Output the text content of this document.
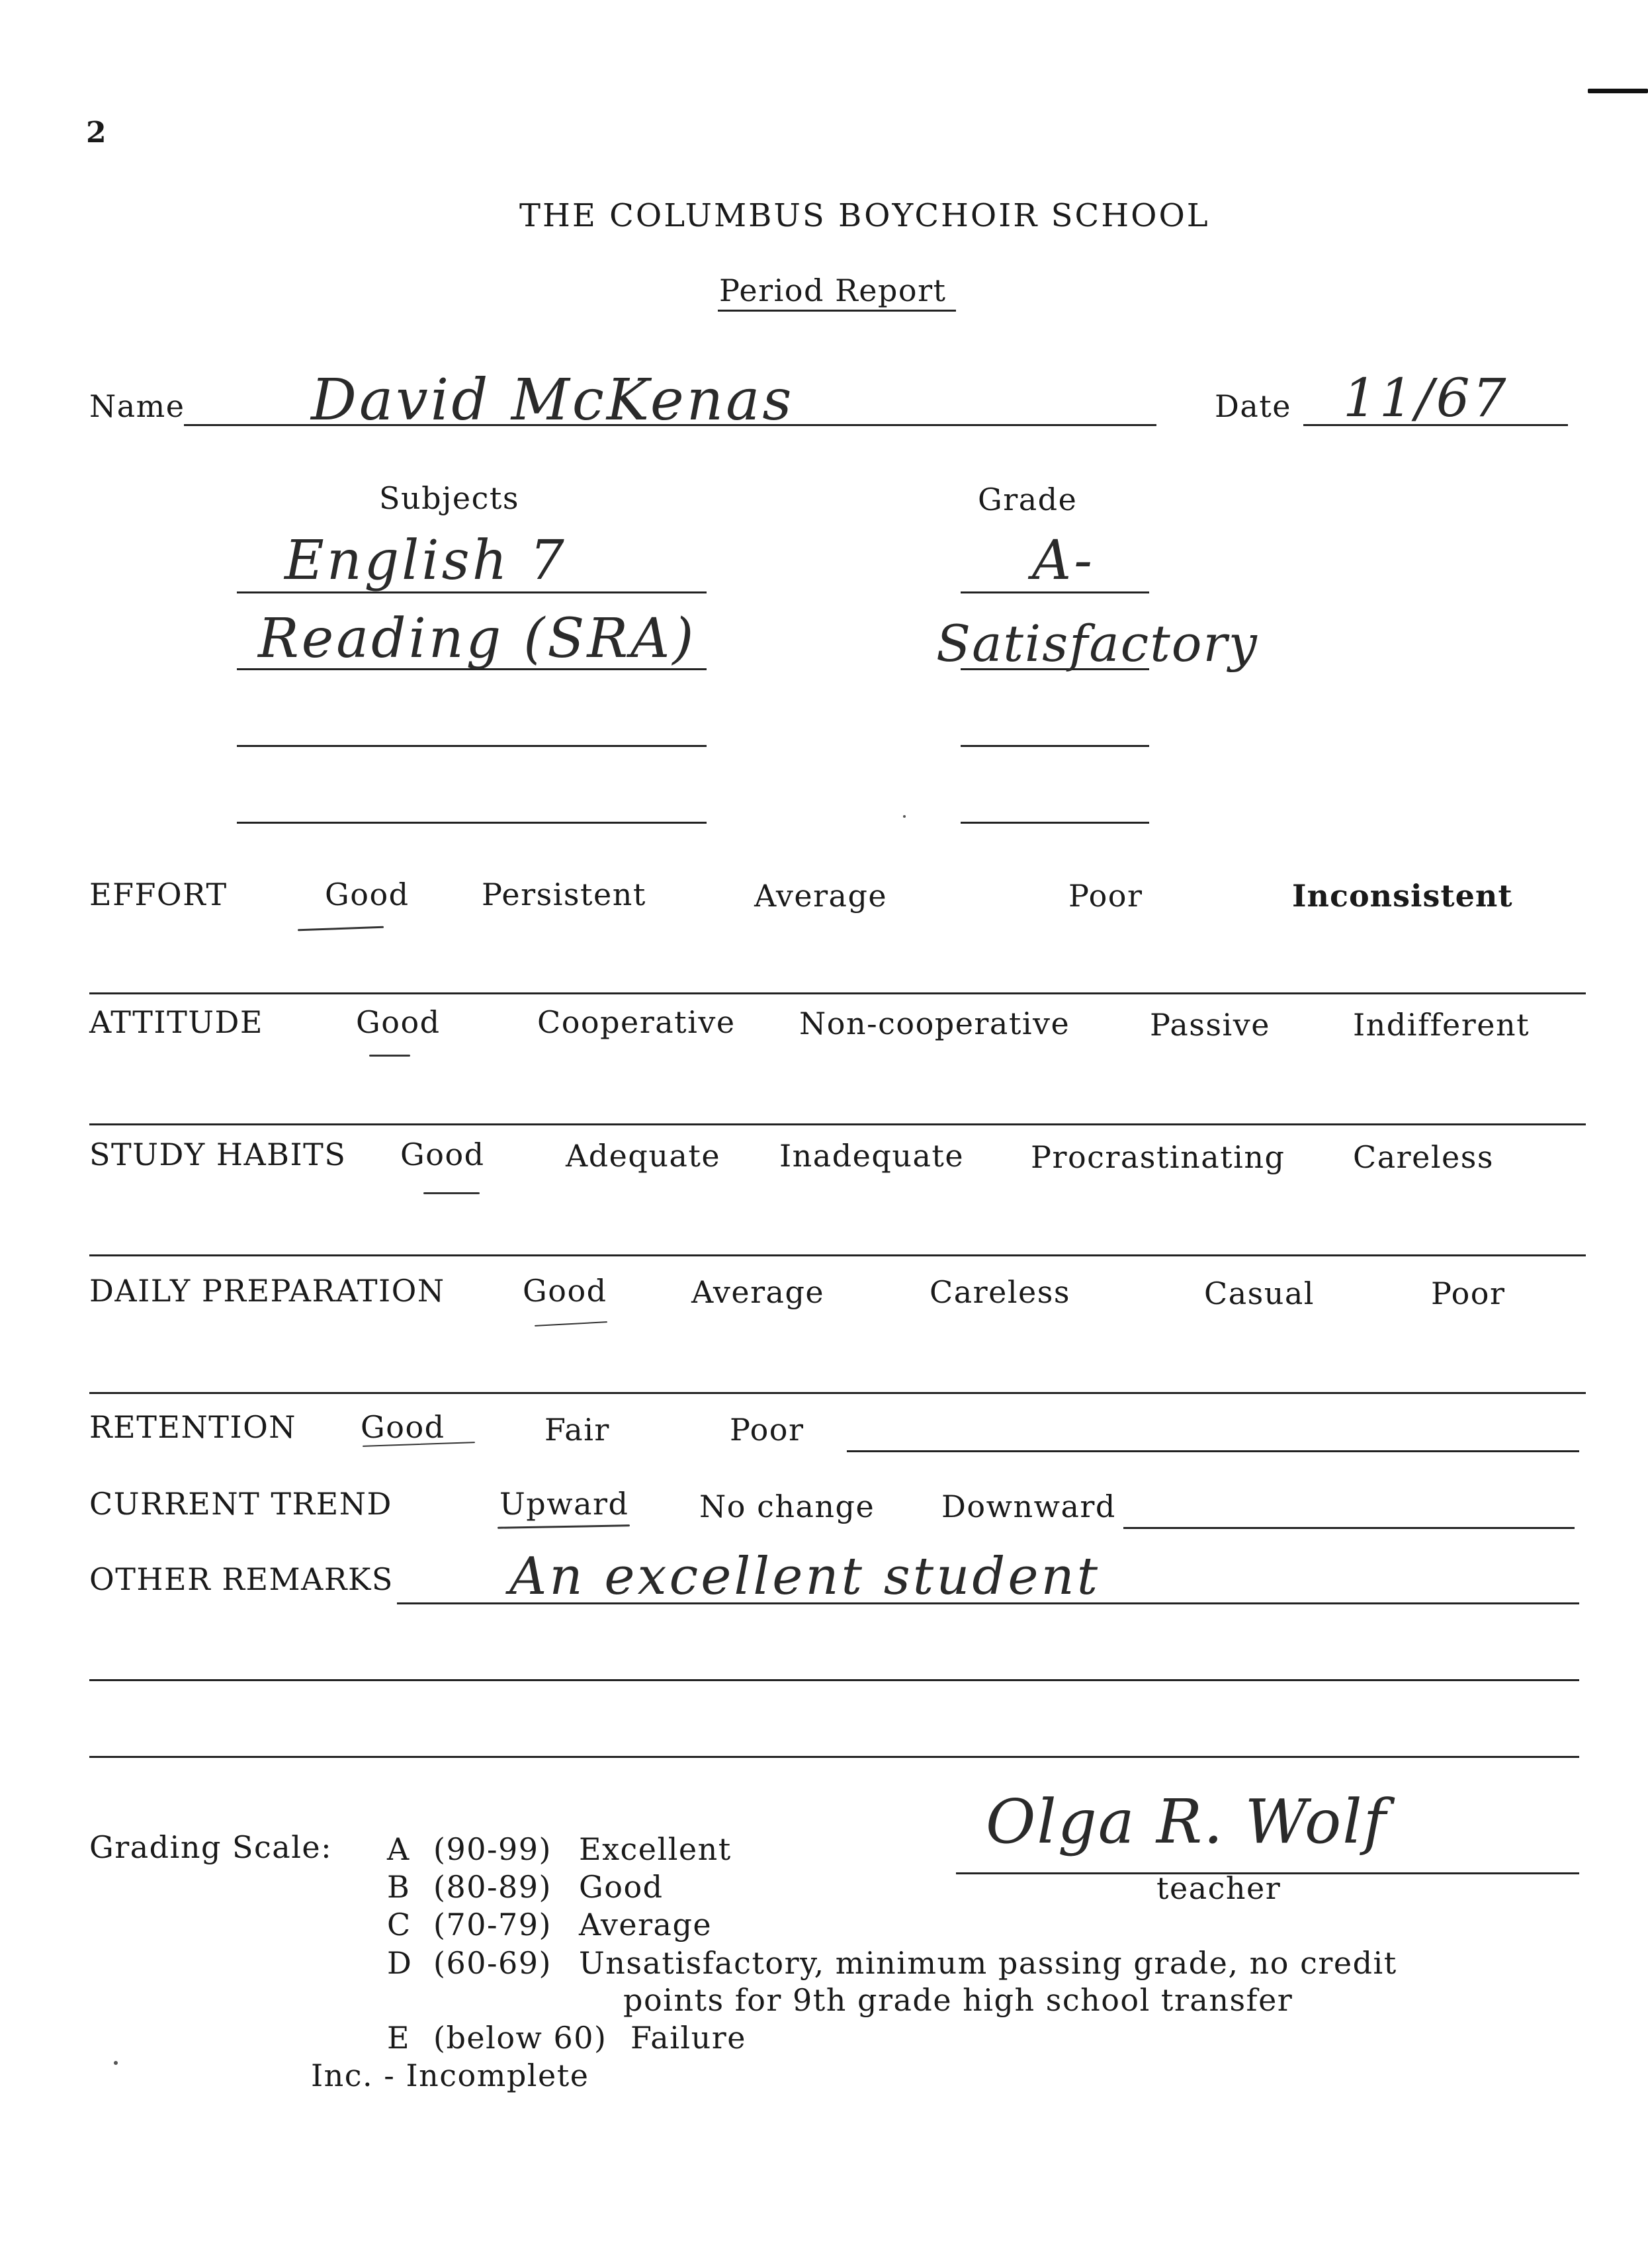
2
THE COLUMBUS BOYCHOIR SCHOOL
Period Report
Name David McKenas	Date 11/67
Subjects	Grade
English 7	A-
Reading (SRA)	Satisfactory
EFFORT	Good Persistent	Average	Poor	Inconsistent
ATTITUDE	Good	Cooperative Non-cooperative	Passive	Indifferent
STUDY HABITS Good	Adequate Inadequate Procrastinating Careless
DAILY PREPARATION	Good	Average	Careless	Casual	Poor
RETENTION Good	Fair	Poor
CURRENT TREND	Upward No change Downward
OTHER REMARKS An excellent student
Grading Scale: A (90-99) Excellent
B (80-89) Good
C (70-79) Average
D (60-69) Unsatisfactory, minimum passing grade, no credit
points for 9th grade high school transfer
E (below 60) Failure
Inc. - Incomplete
Olga R. Wolf
teacher
